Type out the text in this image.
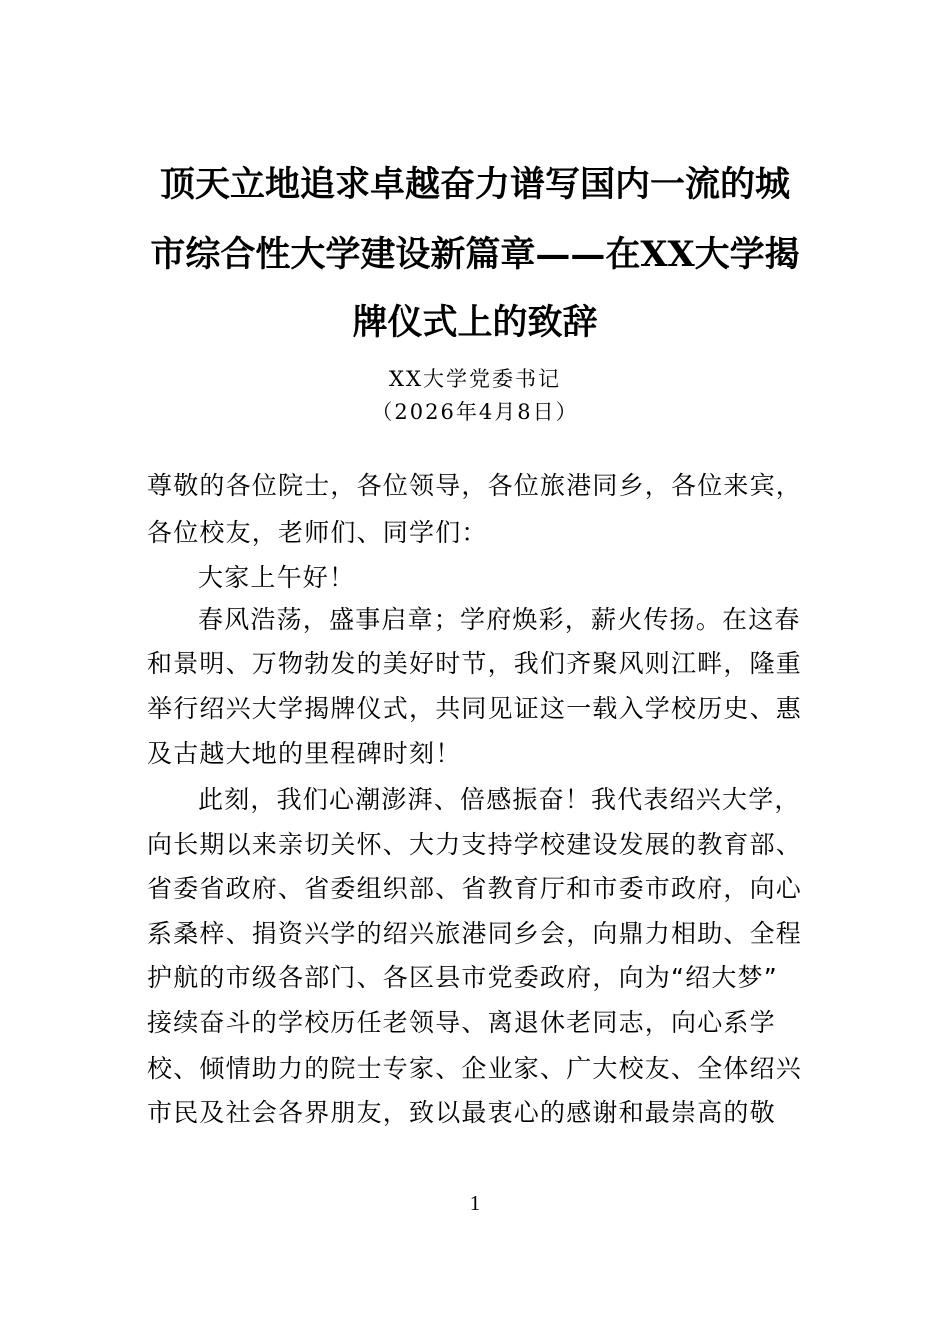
顶天立地追求卓越奋力谱写国内一流的城
市综合性大学建设新篇章——在XX大学揭
牌仪式上的致辞
XX大学党委书记
（2026年4月8日）
尊敬的各位院士，各位领导，各位旅港同乡，各位来宾，
各位校友，老师们、同学们：
大家上午好！
春风浩荡，盛事启章；学府焕彩，薪火传扬。在这春
和景明、万物勃发的美好时节，我们齐聚风则江畔，隆重
举行绍兴大学揭牌仪式，共同见证这一载入学校历史、惠
及古越大地的里程碑时刻！
此刻，我们心潮澎湃、倍感振奋！我代表绍兴大学，
向长期以来亲切关怀、大力支持学校建设发展的教育部、
省委省政府、省委组织部、省教育厅和市委市政府，向心
系桑梓、捐资兴学的绍兴旅港同乡会，向鼎力相助、全程
护航的市级各部门、各区县市党委政府，向为“绍大梦”
接续奋斗的学校历任老领导、离退休老同志，向心系学
校、倾情助力的院士专家、企业家、广大校友、全体绍兴
市民及社会各界朋友，致以最衷心的感谢和最崇高的敬
1
